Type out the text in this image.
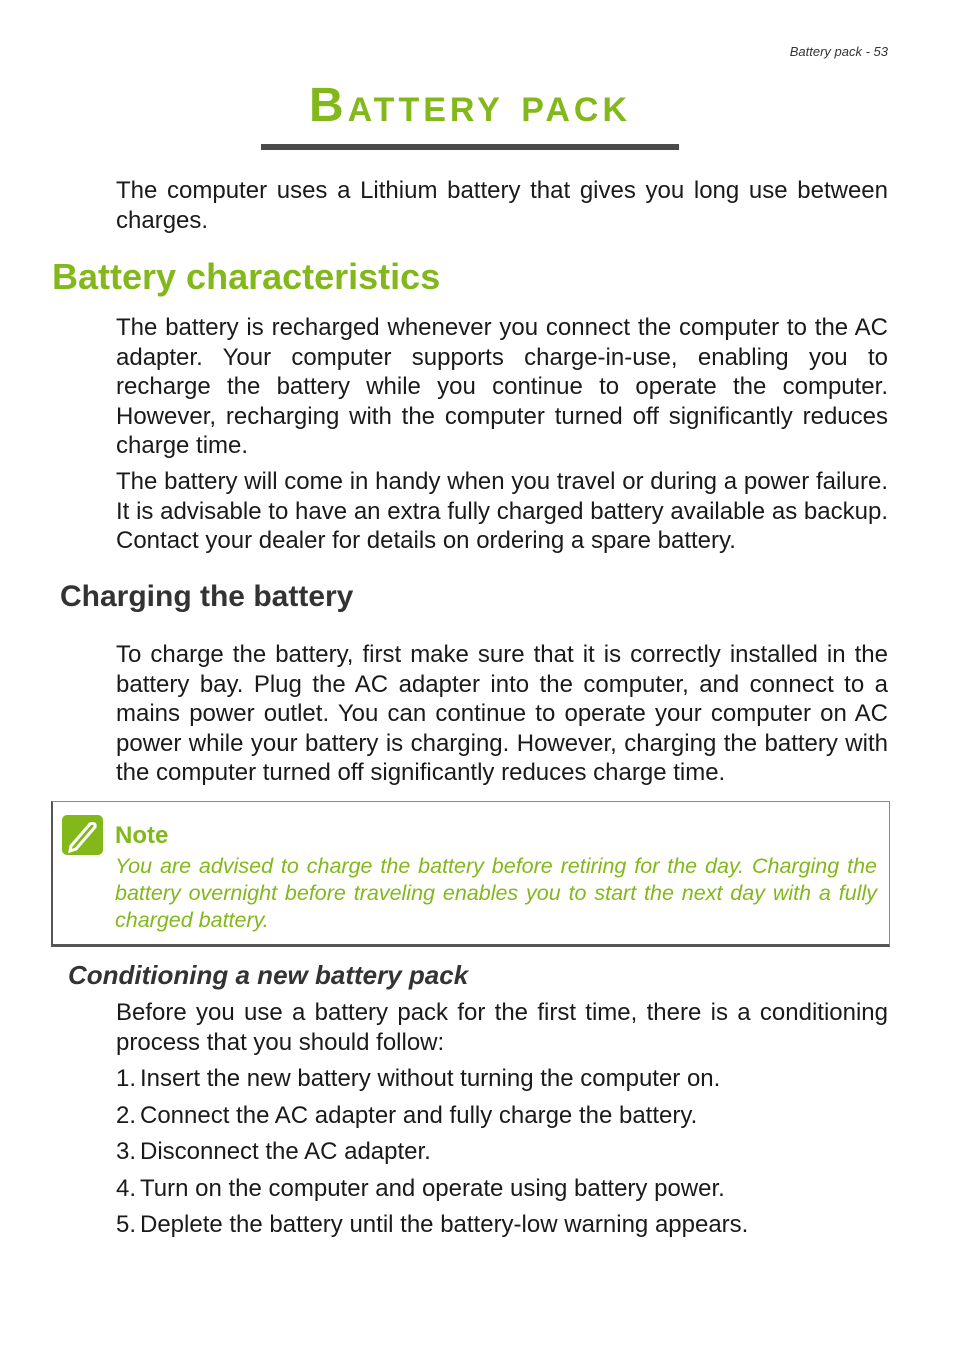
Battery pack - 53
Battery pack

The computer uses a Lithium battery that gives you long use between charges.

Battery characteristics

The battery is recharged whenever you connect the computer to the AC adapter. Your computer supports charge-in-use, enabling you to recharge the battery while you continue to operate the computer. However, recharging with the computer turned off significantly reduces charge time.

The battery will come in handy when you travel or during a power failure. It is advisable to have an extra fully charged battery available as backup. Contact your dealer for details on ordering a spare battery.

Charging the battery

To charge the battery, first make sure that it is correctly installed in the battery bay. Plug the AC adapter into the computer, and connect to a mains power outlet. You can continue to operate your computer on AC power while your battery is charging. However, charging the battery with the computer turned off significantly reduces charge time.

Note

You are advised to charge the battery before retiring for the day. Charging the battery overnight before traveling enables you to start the next day with a fully charged battery.

Conditioning a new battery pack

Before you use a battery pack for the first time, there is a conditioning process that you should follow:

1. Insert the new battery without turning the computer on.
2. Connect the AC adapter and fully charge the battery.
3. Disconnect the AC adapter.
4. Turn on the computer and operate using battery power.
5. Deplete the battery until the battery-low warning appears.
